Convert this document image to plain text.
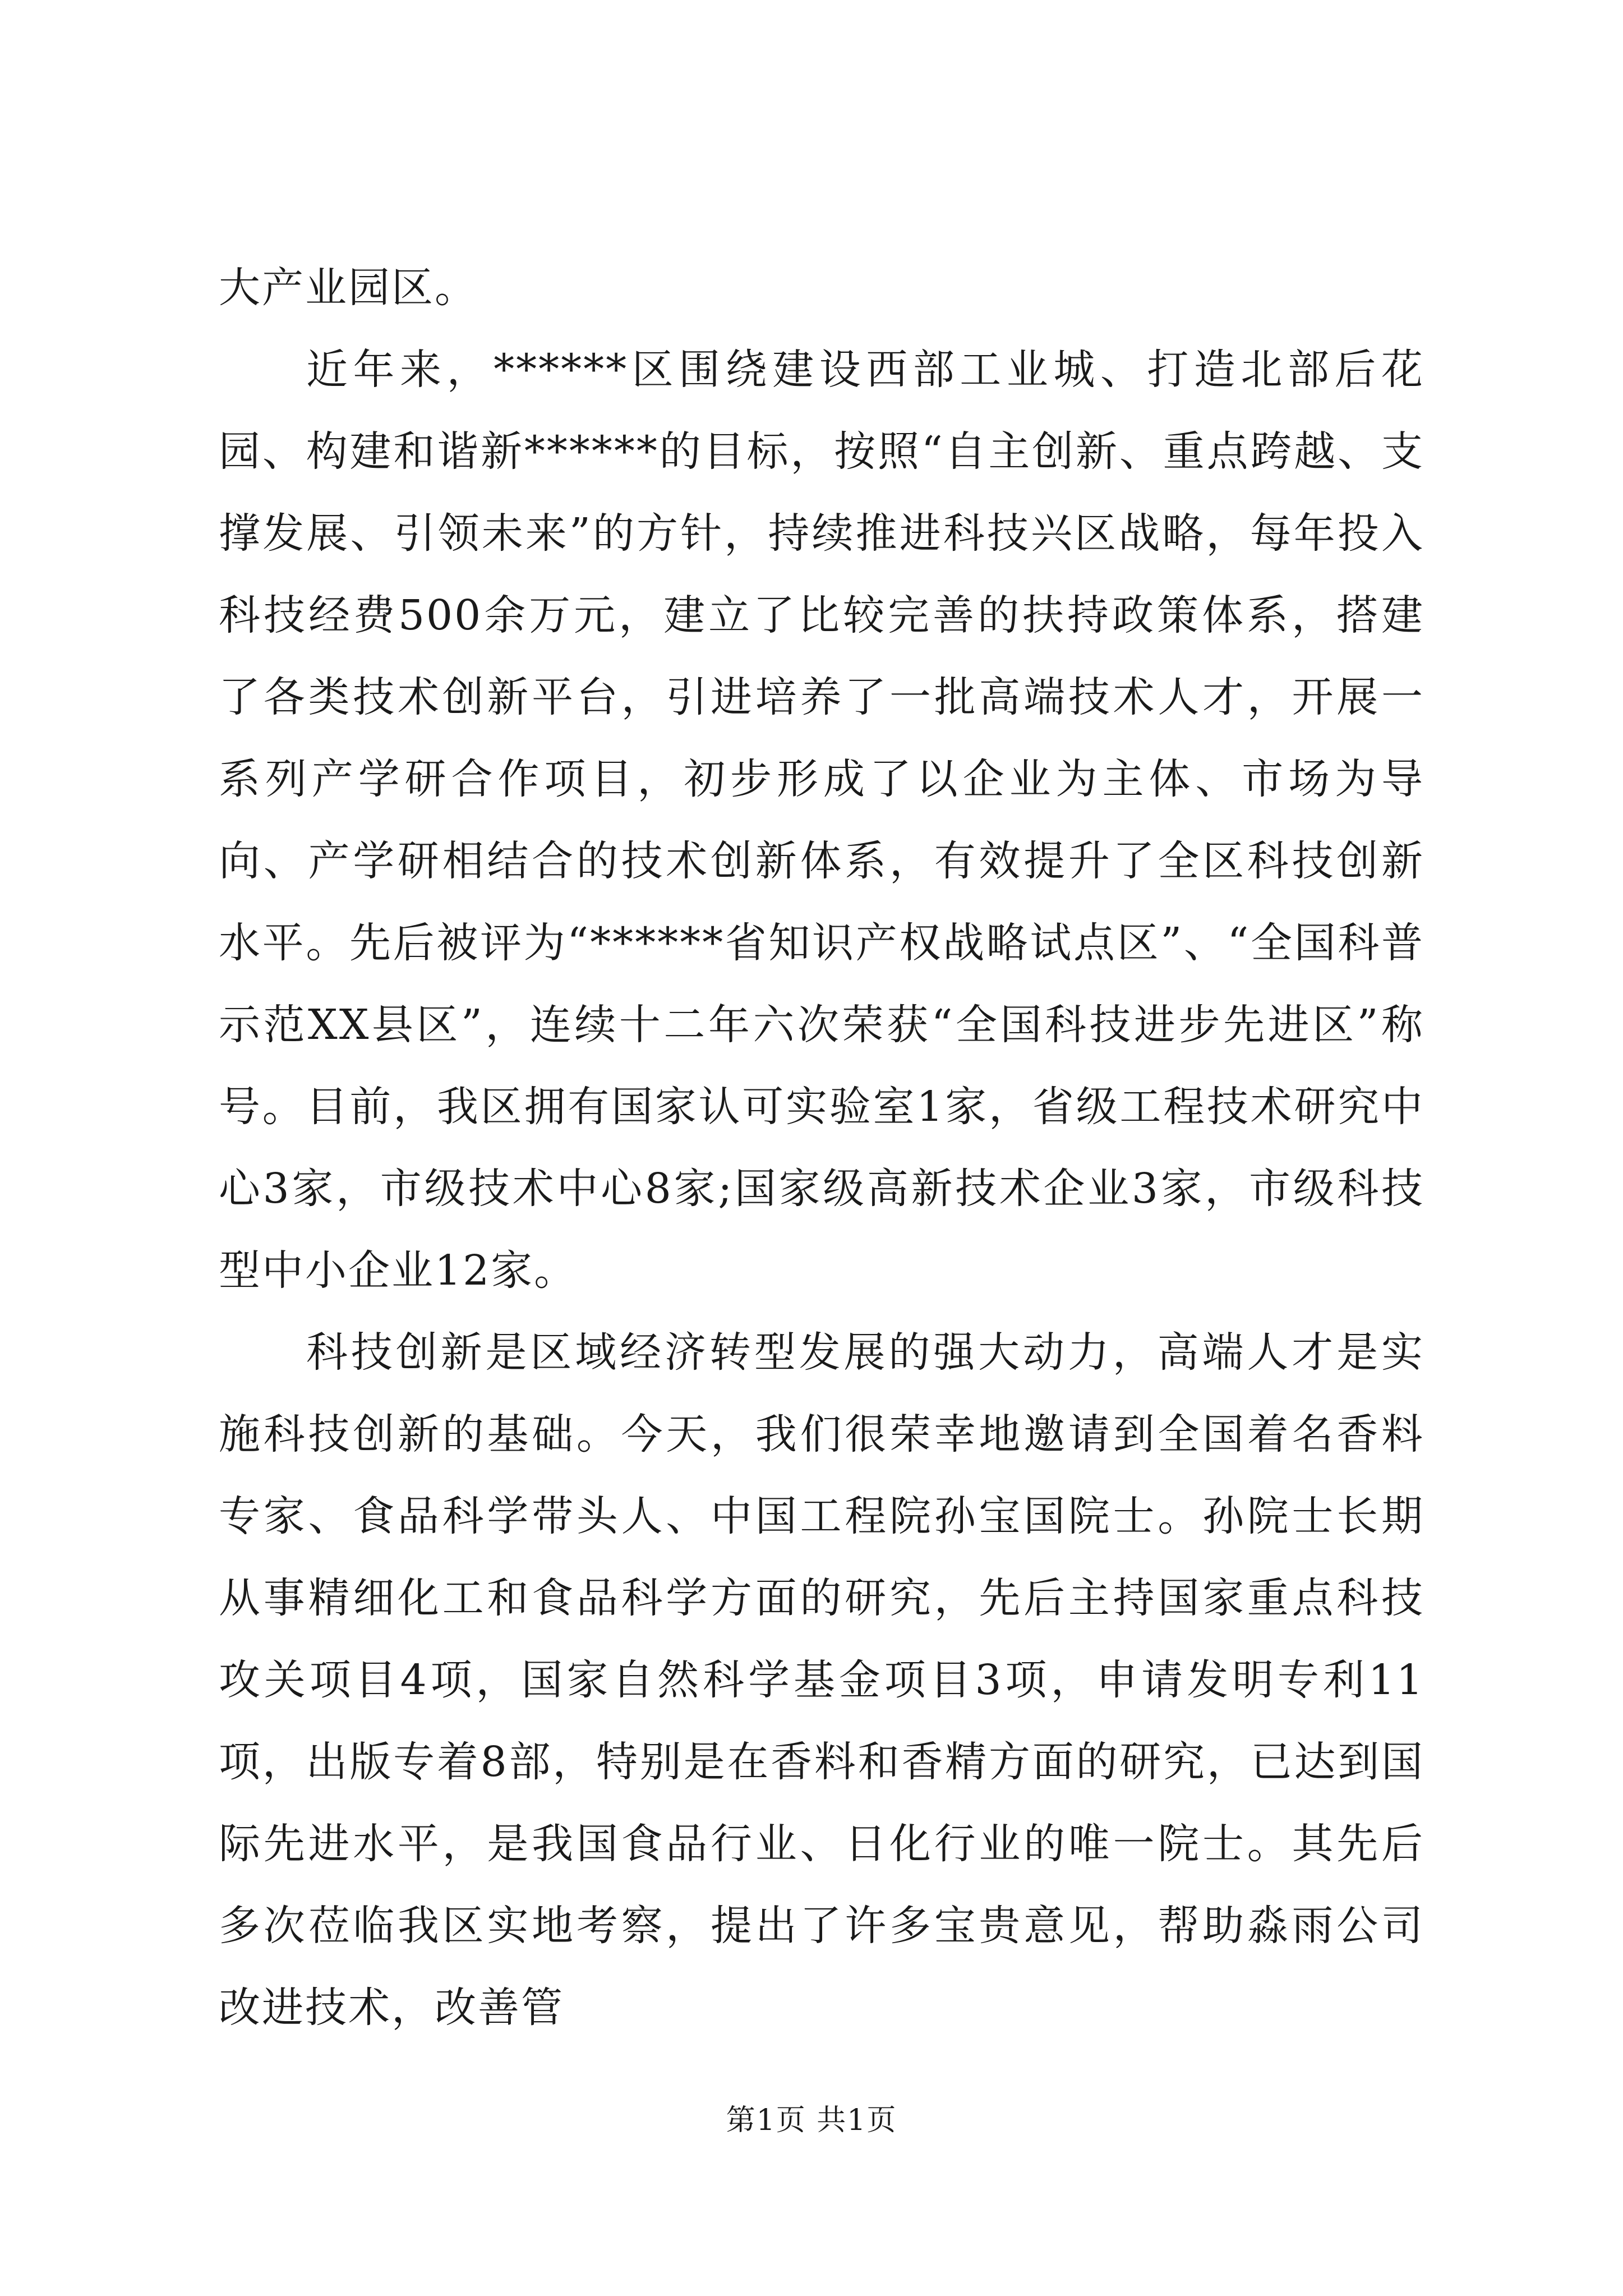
大产业园区。

近年来，******区围绕建设西部工业城、打造北部后花园、构建和谐新******的目标，按照“自主创新、重点跨越、支撑发展、引领未来”的方针，持续推进科技兴区战略，每年投入科技经费500余万元，建立了比较完善的扶持政策体系，搭建了各类技术创新平台，引进培养了一批高端技术人才，开展一系列产学研合作项目，初步形成了以企业为主体、市场为导向、产学研相结合的技术创新体系，有效提升了全区科技创新水平。先后被评为“******省知识产权战略试点区”、“全国科普示范XX县区”，连续十二年六次荣获“全国科技进步先进区”称号。目前，我区拥有国家认可实验室1家，省级工程技术研究中心3家，市级技术中心8家;国家级高新技术企业3家，市级科技型中小企业12家。

科技创新是区域经济转型发展的强大动力，高端人才是实施科技创新的基础。今天，我们很荣幸地邀请到全国着名香料专家、食品科学带头人、中国工程院孙宝国院士。孙院士长期从事精细化工和食品科学方面的研究，先后主持国家重点科技攻关项目4项，国家自然科学基金项目3项，申请发明专利11项，出版专着8部，特别是在香料和香精方面的研究，已达到国际先进水平，是我国食品行业、日化行业的唯一院士。其先后多次莅临我区实地考察，提出了许多宝贵意见，帮助淼雨公司改进技术，改善管

第1页 共1页
